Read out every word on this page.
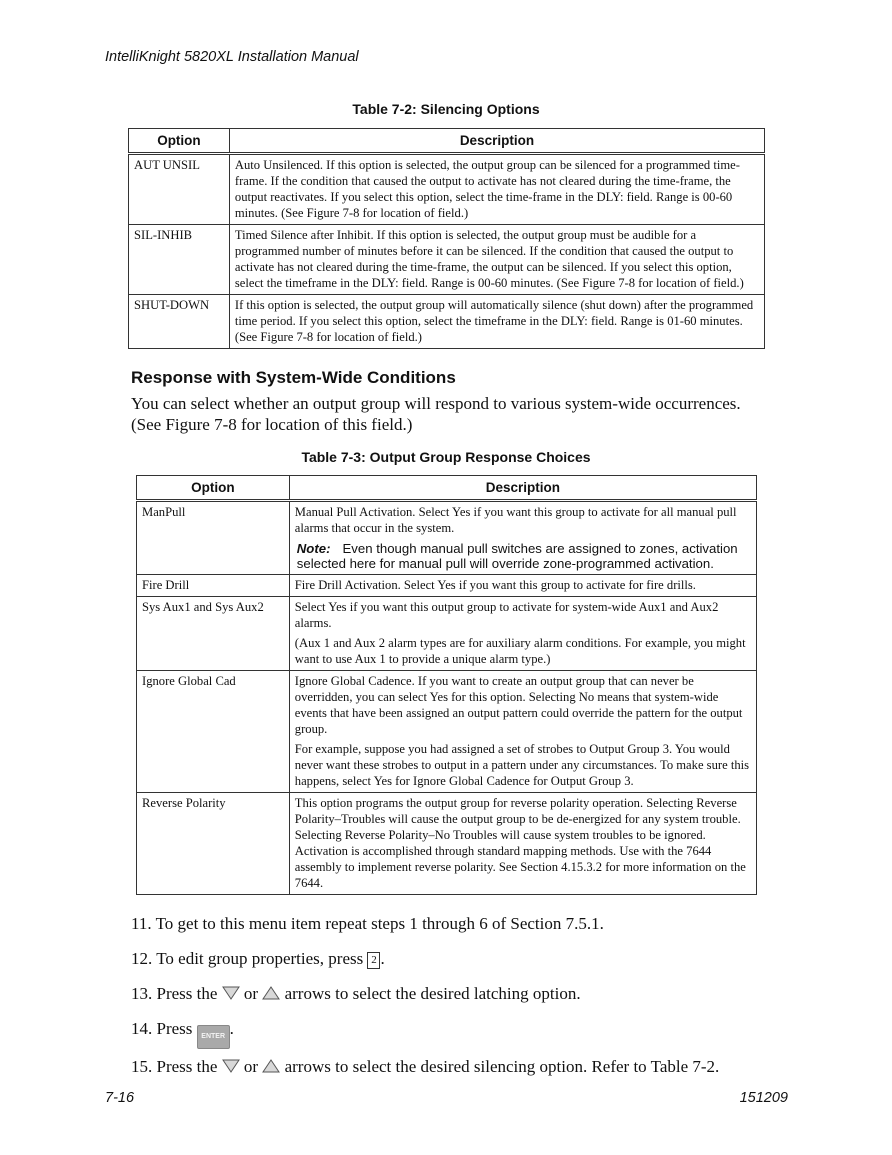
IntelliKnight 5820XL Installation Manual
Table 7-2: Silencing Options
Option	Description
AUT UNSIL	Auto Unsilenced. If this option is selected, the output group can be silenced for a programmed time-frame. If the condition that caused the output to activate has not cleared during the time-frame, the output reactivates. If you select this option, select the time-frame in the DLY: field. Range is 00-60 minutes. (See Figure 7-8 for location of field.)
SIL-INHIB	Timed Silence after Inhibit. If this option is selected, the output group must be audible for a programmed number of minutes before it can be silenced. If the condition that caused the output to activate has not cleared during the time-frame, the output can be silenced. If you select this option, select the timeframe in the DLY: field. Range is 00-60 minutes. (See Figure 7-8 for location of field.)
SHUT-DOWN	If this option is selected, the output group will automatically silence (shut down) after the programmed time period. If you select this option, select the timeframe in the DLY: field. Range is 01-60 minutes. (See Figure 7-8 for location of field.)
Response with System-Wide Conditions
You can select whether an output group will respond to various system-wide occurrences. (See Figure 7-8 for location of this field.)
Table 7-3: Output Group Response Choices
Option	Description
ManPull	Manual Pull Activation. Select Yes if you want this group to activate for all manual pull alarms that occur in the system.

Note: Even though manual pull switches are assigned to zones, activation selected here for manual pull will override zone-programmed activation.

Fire Drill	Fire Drill Activation. Select Yes if you want this group to activate for fire drills.

Sys Aux1 and Sys Aux2	Select Yes if you want this output group to activate for system-wide Aux1 and Aux2 alarms.

(Aux 1 and Aux 2 alarm types are for auxiliary alarm conditions. For example, you might want to use Aux 1 to provide a unique alarm type.)

Ignore Global Cad	Ignore Global Cadence. If you want to create an output group that can never be overridden, you can select Yes for this option. Selecting No means that system-wide events that have been assigned an output pattern could override the pattern for the output group.

For example, suppose you had assigned a set of strobes to Output Group 3. You would never want these strobes to output in a pattern under any circumstances. To make sure this happens, select Yes for Ignore Global Cadence for Output Group 3.

Reverse Polarity	This option programs the output group for reverse polarity operation. Selecting Reverse Polarity–Troubles will cause the output group to be de-energized for any system trouble. Selecting Reverse Polarity–No Troubles will cause system troubles to be ignored. Activation is accomplished through standard mapping methods. Use with the 7644 assembly to implement reverse polarity. See Section 4.15.3.2 for more information on the 7644.

11. To get to this menu item repeat steps 1 through 6 of Section 7.5.1.
12. To edit group properties, press 2 .
13. Press the or arrows to select the desired latching option.
14. Press ENTER .
15. Press the or arrows to select the desired silencing option. Refer to Table 7-2.
7-16	151209
